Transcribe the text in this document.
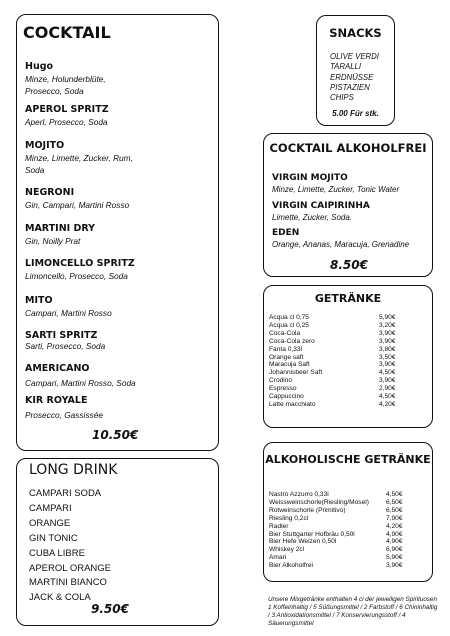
COCKTAIL
Hugo
Minze, Holunderblüte, Prosecco, Soda
APEROL SPRITZ
Aperl, Prosecco, Soda
MOJITO
Minze, Limette, Zucker, Rum, Soda
NEGRONI
Gin, Campari, Martini Rosso
MARTINI DRY
Gin, Noilly Prat
LIMONCELLO SPRITZ
Limoncello, Prosecco, Soda
MITO
Campari, Martini Rosso
SARTI SPRITZ
Sarti, Prosecco, Soda
AMERICANO
Campari, Martini Rosso, Soda
KIR ROYALE
Prosecco, Gassissée
10.50€
SNACKS
OLIVE VERDI
TARALLI
ERDNÜSSE
PISTAZIEN
CHIPS
5.00 Für stk.
COCKTAIL ALKOHOLFREI
VIRGIN MOJITO
Minze, Limette, Zucker, Tonic Water
VIRGIN CAIPIRINHA
Limette, Zucker, Soda.
EDEN
Orange, Ananas, Maracuja, Grenadine
8.50€
GETRÄNKE
Acqua cl 0,75	5,90€
Acqua cl 0,25	3,20€
Coca-Cola	3,90€
Coca-Cola zero	3,90€
Fanta 0,33l	3,80€
Orange saft	3,50€
Maracuja Saft	3,90€
Johannisbeer Saft	4,50€
Crodino	3,90€
Espresso	2,90€
Cappuccino	4,50€
Latte macchiato	4,20€
ALKOHOLISCHE GETRÄNKE
Nastro Azzurro 0,33l	4,50€
Weissweinschorle(Riesling/Mosel)	6,50€
Rotweinschorle (Primitivo)	6,50€
Riesling 0,2cl	7,90€
Radler	4,20€
Bier Stuttgarter Hofbräu 0,50l	4,90€
Bier Hefe Weizen 0,50l	4,90€
Whiskey 2cl	6,90€
Amari	5,90€
Bier Alkoholfrei	3,90€
Unsere Mixgetränke enthalten 4 cl der jeweiligen Spirituosen 1 Koffeinhaltig / 5 Süßungsmittel / 2 Farbstoff / 6 Chininhaltig / 3 Antioxidationsmittel / 7 Konservierungsstoff / 4 Säuerungsmittel
LONG DRINK
CAMPARI SODA
CAMPARI
ORANGE
GIN TONIC
CUBA LIBRE
APEROL ORANGE
MARTINI BIANCO
JACK & COLA
9.50€
